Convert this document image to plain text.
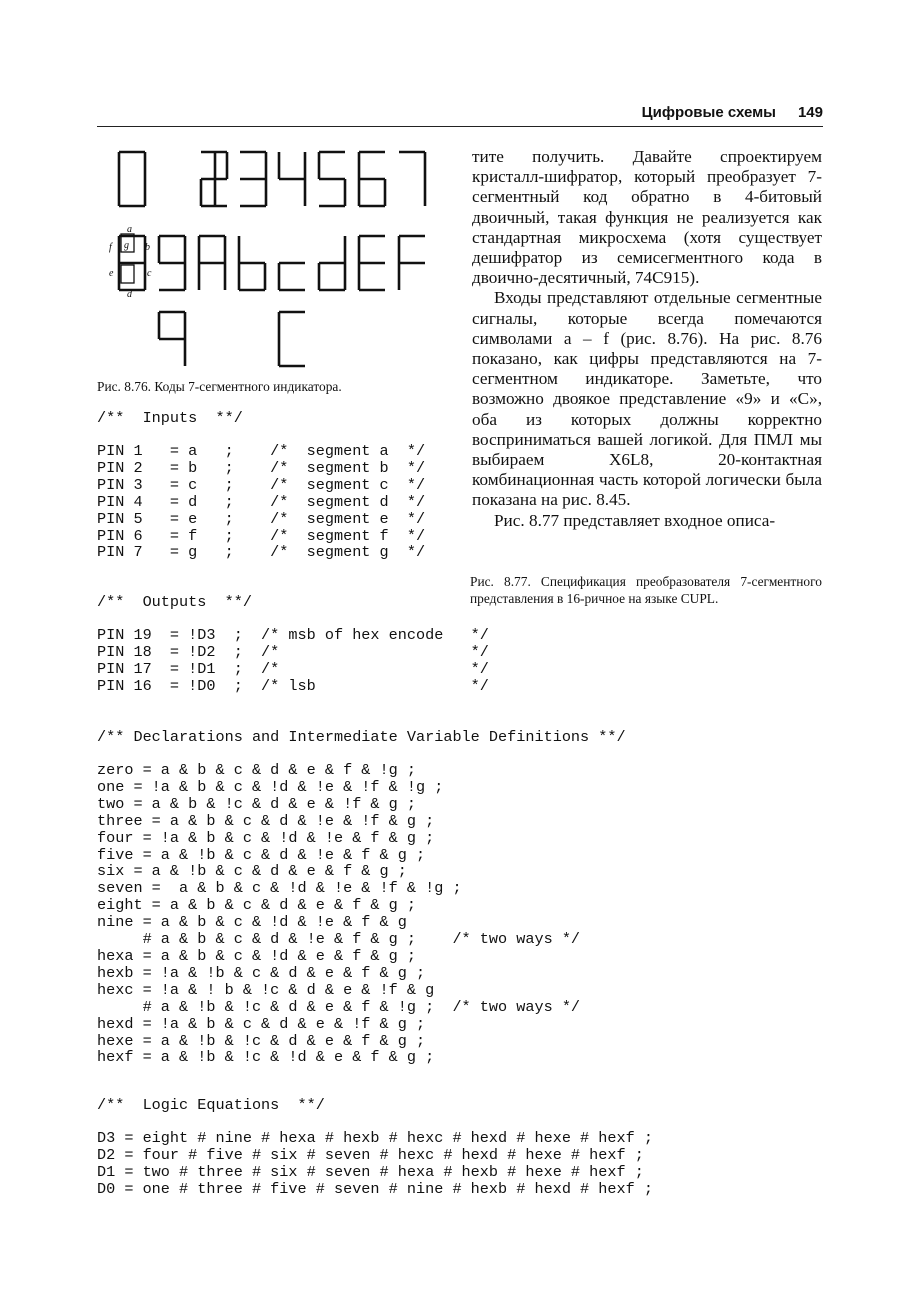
Цифровые схемы 149
a
b
c
d
e
f g
Рис. 8.76. Коды 7-сегментного индикатора.

тите получить. Давайте спроектируем кристалл-шифратор, который преобразует 7-сегментный код обратно в 4-битовый двоичный, такая функция не реализуется как стандартная микросхема (хотя существует дешифратор из семисегментного кода в двоично-десятичный, 74C915).

Входы представляют отдельные сегментные сигналы, которые всегда помечаются символами a – f (рис. 8.76). На рис. 8.76 показано, как цифры представляются на 7-сегментном индикаторе. Заметьте, что возможно двоякое представление «9» и «С», оба из которых должны корректно восприниматься вашей логикой. Для ПМЛ мы выбираем X6L8, 20-контактная комбинационная часть которой логически была показана на рис. 8.45.

Рис. 8.77 представляет входное описа-

Рис. 8.77. Спецификация преобразователя 7-сегментного представления в 16-ричное на языке CUPL.
/**  Inputs  **/
PIN 1   = a   ;    /*  segment a  */
PIN 2   = b   ;    /*  segment b  */
PIN 3   = c   ;    /*  segment c  */
PIN 4   = d   ;    /*  segment d  */
PIN 5   = e   ;    /*  segment e  */
PIN 6   = f   ;    /*  segment f  */
PIN 7   = g   ;    /*  segment g  */
/**  Outputs  **/
PIN 19  = !D3  ;  /* msb of hex encode   */
PIN 18  = !D2  ;  /*                     */
PIN 17  = !D1  ;  /*                     */
PIN 16  = !D0  ;  /* lsb                 */
/** Declarations and Intermediate Variable Definitions **/
zero = a & b & c & d & e & f & !g ;
one = !a & b & c & !d & !e & !f & !g ;
two = a & b & !c & d & e & !f & g ;
three = a & b & c & d & !e & !f & g ;
four = !a & b & c & !d & !e & f & g ;
five = a & !b & c & d & !e & f & g ;
six = a & !b & c & d & e & f & g ;
seven =  a & b & c & !d & !e & !f & !g ;
eight = a & b & c & d & e & f & g ;
nine = a & b & c & !d & !e & f & g
# a & b & c & d & !e & f & g ;    /* two ways */
hexa = a & b & c & !d & e & f & g ;
hexb = !a & !b & c & d & e & f & g ;
hexc = !a & ! b & !c & d & e & !f & g
# a & !b & !c & d & e & f & !g ;  /* two ways */
hexd = !a & b & c & d & e & !f & g ;
hexe = a & !b & !c & d & e & f & g ;
hexf = a & !b & !c & !d & e & f & g ;
/**  Logic Equations  **/
D3 = eight # nine # hexa # hexb # hexc # hexd # hexe # hexf ;
D2 = four # five # six # seven # hexc # hexd # hexe # hexf ;
D1 = two # three # six # seven # hexa # hexb # hexe # hexf ;
D0 = one # three # five # seven # nine # hexb # hexd # hexf ;
